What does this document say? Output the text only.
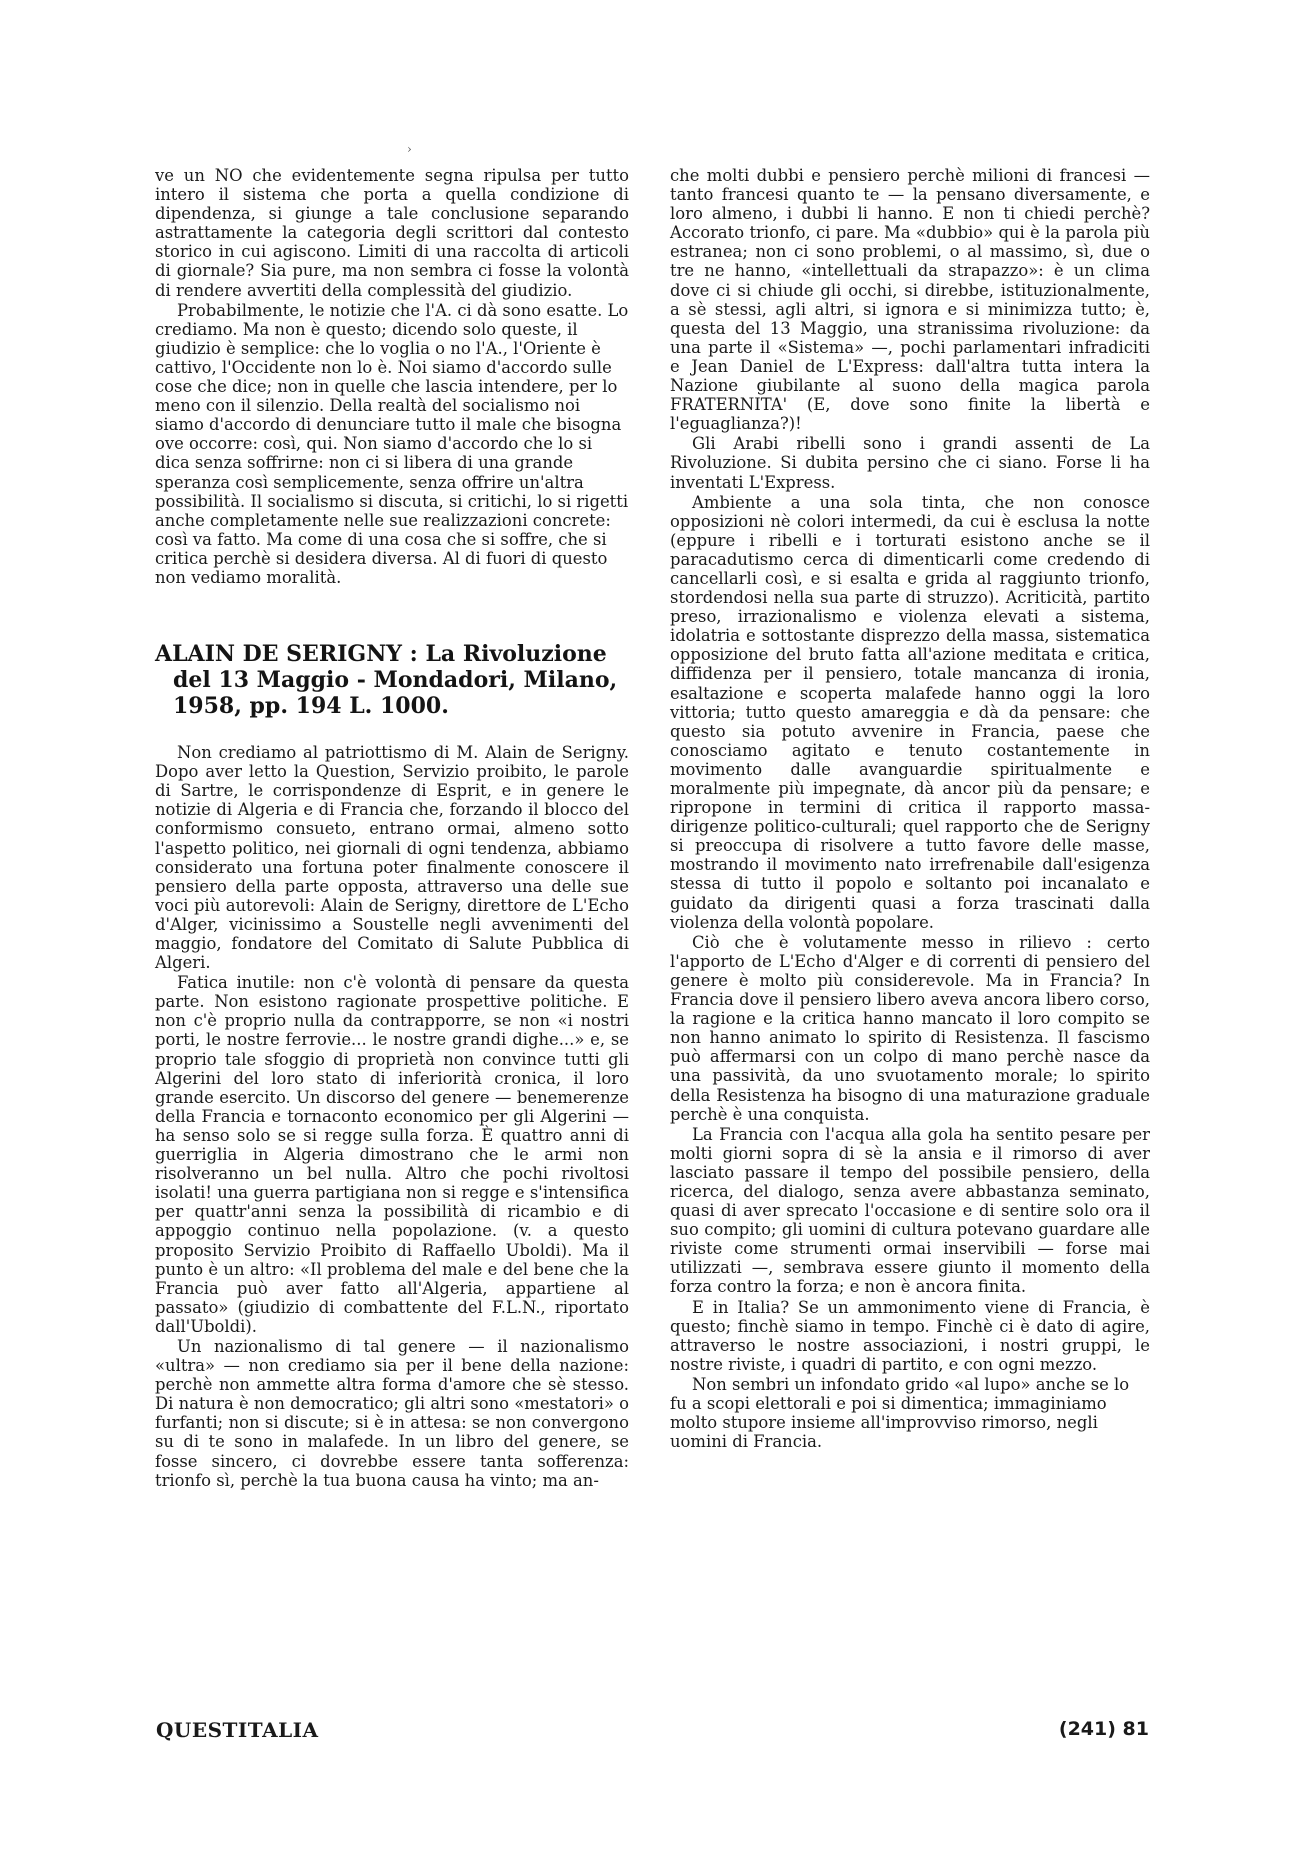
›

ve un NO che evidentemente segna ripulsa per tutto intero il sistema che porta a quella condizione di dipendenza, si giunge a tale conclusione separando astrattamente la categoria degli scrittori dal contesto storico in cui agiscono. Limiti di una raccolta di articoli di giornale? Sia pure, ma non sembra ci fosse la volontà di rendere avvertiti della complessità del giudizio.

Probabilmente, le notizie che l'A. ci dà sono esatte. Lo crediamo. Ma non è questo; dicendo solo queste, il giudizio è semplice: che lo voglia o no l'A., l'Oriente è cattivo, l'Occidente non lo è. Noi siamo d'accordo sulle cose che dice; non in quelle che lascia intendere, per lo meno con il silenzio. Della realtà del socialismo noi siamo d'accordo di denunciare tutto il male che bisogna ove occorre: così, qui. Non siamo d'accordo che lo si dica senza soffrirne: non ci si libera di una grande speranza così semplicemente, senza offrire un'altra possibilità. Il socialismo si discuta, si critichi, lo si rigetti anche completamente nelle sue realizzazioni concrete: così va fatto. Ma come di una cosa che si soffre, che si critica perchè si desidera diversa. Al di fuori di questo non vediamo moralità.

ALAIN DE SERIGNY : La Rivoluzione del 13 Maggio - Mondadori, Milano, 1958, pp. 194 L. 1000.

Non crediamo al patriottismo di M. Alain de Serigny. Dopo aver letto la Question, Servizio proibito, le parole di Sartre, le corrispondenze di Esprit, e in genere le notizie di Algeria e di Francia che, forzando il blocco del conformismo consueto, entrano ormai, almeno sotto l'aspetto politico, nei giornali di ogni tendenza, abbiamo considerato una fortuna poter finalmente conoscere il pensiero della parte opposta, attraverso una delle sue voci più autorevoli: Alain de Serigny, direttore de L'Echo d'Alger, vicinissimo a Soustelle negli avvenimenti del maggio, fondatore del Comitato di Salute Pubblica di Algeri.

Fatica inutile: non c'è volontà di pensare da questa parte. Non esistono ragionate prospettive politiche. E non c'è proprio nulla da contrapporre, se non «i nostri porti, le nostre ferrovie... le nostre grandi dighe...» e, se proprio tale sfoggio di proprietà non convince tutti gli Algerini del loro stato di inferiorità cronica, il loro grande esercito. Un discorso del genere — benemerenze della Francia e tornaconto economico per gli Algerini — ha senso solo se si regge sulla forza. È quattro anni di guerriglia in Algeria dimostrano che le armi non risolveranno un bel nulla. Altro che pochi rivoltosi isolati! una guerra partigiana non si regge e s'intensifica per quattr'anni senza la possibilità di ricambio e di appoggio continuo nella popolazione. (v. a questo proposito Servizio Proibito di Raffaello Uboldi). Ma il punto è un altro: «Il problema del male e del bene che la Francia può aver fatto all'Algeria, appartiene al passato» (giudizio di combattente del F.L.N., riportato dall'Uboldi).

Un nazionalismo di tal genere — il nazionalismo «ultra» — non crediamo sia per il bene della nazione: perchè non ammette altra forma d'amore che sè stesso. Di natura è non democratico; gli altri sono «mestatori» o furfanti; non si discute; si è in attesa: se non convergono su di te sono in malafede. In un libro del genere, se fosse sincero, ci dovrebbe essere tanta sofferenza: trionfo sì, perchè la tua buona causa ha vinto; ma an-

che molti dubbi e pensiero perchè milioni di francesi — tanto francesi quanto te — la pensano diversamente, e loro almeno, i dubbi li hanno. E non ti chiedi perchè? Accorato trionfo, ci pare. Ma «dubbio» qui è la parola più estranea; non ci sono problemi, o al massimo, sì, due o tre ne hanno, «intellettuali da strapazzo»: è un clima dove ci si chiude gli occhi, si direbbe, istituzionalmente, a sè stessi, agli altri, si ignora e si minimizza tutto; è, questa del 13 Maggio, una stranissima rivoluzione: da una parte il «Sistema» —, pochi parlamentari infradiciti e Jean Daniel de L'Express: dall'altra tutta intera la Nazione giubilante al suono della magica parola FRATERNITA' (E, dove sono finite la libertà e l'eguaglianza?)!

Gli Arabi ribelli sono i grandi assenti de La Rivoluzione. Si dubita persino che ci siano. Forse li ha inventati L'Express.

Ambiente a una sola tinta, che non conosce opposizioni nè colori intermedi, da cui è esclusa la notte (eppure i ribelli e i torturati esistono anche se il paracadutismo cerca di dimenticarli come credendo di cancellarli così, e si esalta e grida al raggiunto trionfo, stordendosi nella sua parte di struzzo). Acriticità, partito preso, irrazionalismo e violenza elevati a sistema, idolatria e sottostante disprezzo della massa, sistematica opposizione del bruto fatta all'azione meditata e critica, diffidenza per il pensiero, totale mancanza di ironia, esaltazione e scoperta malafede hanno oggi la loro vittoria; tutto questo amareggia e dà da pensare: che questo sia potuto avvenire in Francia, paese che conosciamo agitato e tenuto costantemente in movimento dalle avanguardie spiritualmente e moralmente più impegnate, dà ancor più da pensare; e ripropone in termini di critica il rapporto massa-dirigenze politico-culturali; quel rapporto che de Serigny si preoccupa di risolvere a tutto favore delle masse, mostrando il movimento nato irrefrenabile dall'esigenza stessa di tutto il popolo e soltanto poi incanalato e guidato da dirigenti quasi a forza trascinati dalla violenza della volontà popolare.

Ciò che è volutamente messo in rilievo : certo l'apporto de L'Echo d'Alger e di correnti di pensiero del genere è molto più considerevole. Ma in Francia? In Francia dove il pensiero libero aveva ancora libero corso, la ragione e la critica hanno mancato il loro compito se non hanno animato lo spirito di Resistenza. Il fascismo può affermarsi con un colpo di mano perchè nasce da una passività, da uno svuotamento morale; lo spirito della Resistenza ha bisogno di una maturazione graduale perchè è una conquista.

La Francia con l'acqua alla gola ha sentito pesare per molti giorni sopra di sè la ansia e il rimorso di aver lasciato passare il tempo del possibile pensiero, della ricerca, del dialogo, senza avere abbastanza seminato, quasi di aver sprecato l'occasione e di sentire solo ora il suo compito; gli uomini di cultura potevano guardare alle riviste come strumenti ormai inservibili — forse mai utilizzati —, sembrava essere giunto il momento della forza contro la forza; e non è ancora finita.

E in Italia? Se un ammonimento viene di Francia, è questo; finchè siamo in tempo. Finchè ci è dato di agire, attraverso le nostre associazioni, i nostri gruppi, le nostre riviste, i quadri di partito, e con ogni mezzo.

Non sembri un infondato grido «al lupo» anche se lo fu a scopi elettorali e poi si dimentica; immaginiamo molto stupore insieme all'improvviso rimorso, negli uomini di Francia.

QUESTITALIA	(241) 81
